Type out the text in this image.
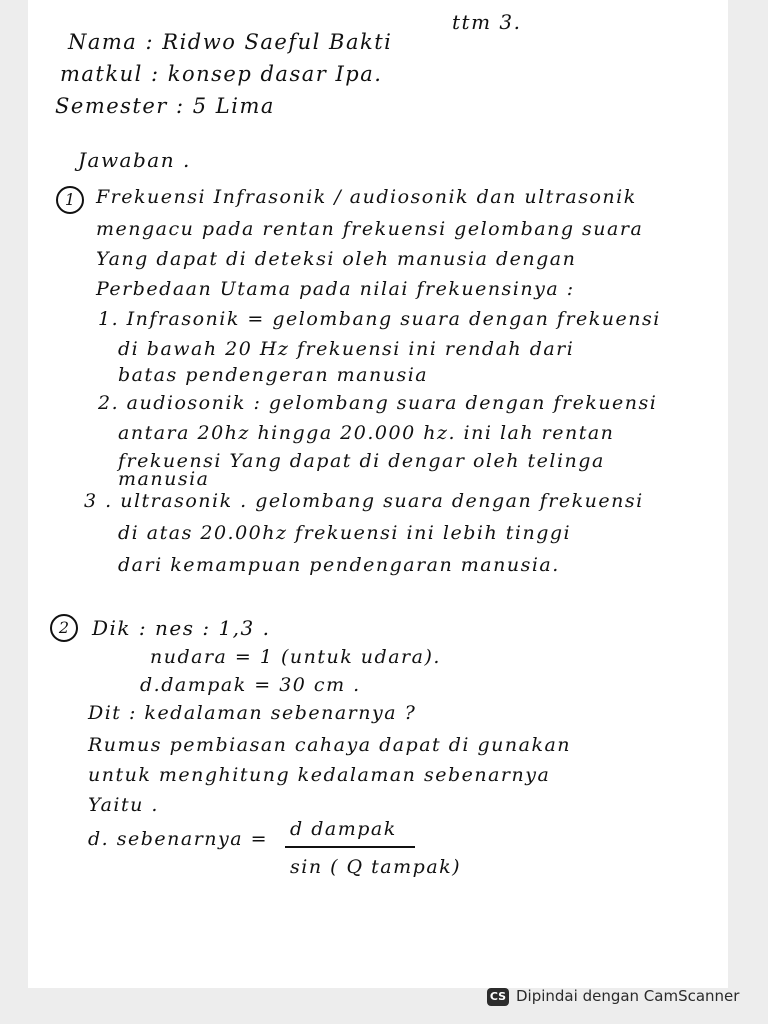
ttm 3.
Nama : Ridwo Saeful Bakti
matkul : konsep dasar Ipa.
Semester : 5 Lima
Jawaban .
1	Frekuensi Infrasonik / audiosonik dan ultrasonik
mengacu pada rentan frekuensi gelombang suara
Yang dapat di deteksi oleh manusia dengan
Perbedaan Utama pada nilai frekuensinya :
1. Infrasonik = gelombang suara dengan frekuensi
di bawah 20 Hz frekuensi ini rendah dari
batas pendengeran manusia
2. audiosonik : gelombang suara dengan frekuensi
antara 20hz hingga 20.000 hz. ini lah rentan
frekuensi Yang dapat di dengar oleh telinga
manusia
3 . ultrasonik . gelombang suara dengan frekuensi
di atas 20.00hz frekuensi ini lebih tinggi
dari kemampuan pendengaran manusia.
2	Dik : nes : 1,3 .
nudara = 1 (untuk udara).
d.dampak = 30 cm .
Dit : kedalaman sebenarnya ?
Rumus pembiasan cahaya dapat di gunakan
untuk menghitung kedalaman sebenarnya
Yaitu .
d. sebenarnya = d dampak
sin ( Q tampak)
CS Dipindai dengan CamScanner
